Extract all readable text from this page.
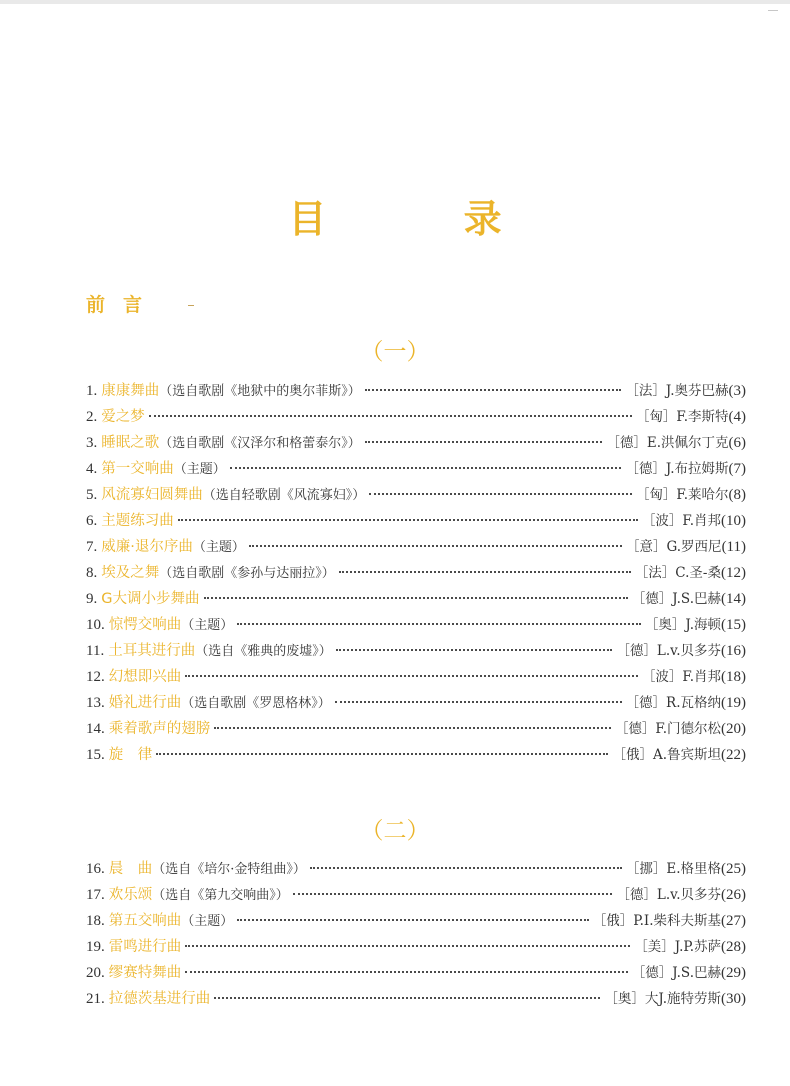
目 录
前言
（一）
1. 康康舞曲 （选自歌剧《地狱中的奥尔菲斯》）	［法］J.奥芬巴赫 (3)
2. 爱之梦	［匈］F.李斯特 (4)
3. 睡眠之歌 （选自歌剧《汉泽尔和格蕾泰尔》）	［德］E.洪佩尔丁克 (6)
4. 第一交响曲 （主题）	［德］J.布拉姆斯 (7)
5. 风流寡妇圆舞曲 （选自轻歌剧《风流寡妇》）	［匈］F.莱哈尔 (8)
6. 主题练习曲	［波］F.肖邦 (10)
7. 威廉·退尔序曲 （主题）	［意］G.罗西尼 (11)
8. 埃及之舞 （选自歌剧《参孙与达丽拉》）	［法］C.圣-桑 (12)
9. G大调小步舞曲	［德］J.S.巴赫 (14)
10. 惊愕交响曲 （主题）	［奥］J.海顿 (15)
11. 土耳其进行曲 （选自《雅典的废墟》）	［德］L.v.贝多芬 (16)
12. 幻想即兴曲	［波］F.肖邦 (18)
13. 婚礼进行曲 （选自歌剧《罗恩格林》）	［德］R.瓦格纳 (19)
14. 乘着歌声的翅膀	［德］F.门德尔松 (20)
15. 旋　律	［俄］A.鲁宾斯坦 (22)
（二）
16. 晨　曲 （选自《培尔·金特组曲》）	［挪］E.格里格 (25)
17. 欢乐颂 （选自《第九交响曲》）	［德］L.v.贝多芬 (26)
18. 第五交响曲 （主题）	［俄］P.I.柴科夫斯基 (27)
19. 雷鸣进行曲	［美］J.P.苏萨 (28)
20. 缪赛特舞曲	［德］J.S.巴赫 (29)
21. 拉德茨基进行曲	［奥］大J.施特劳斯 (30)
